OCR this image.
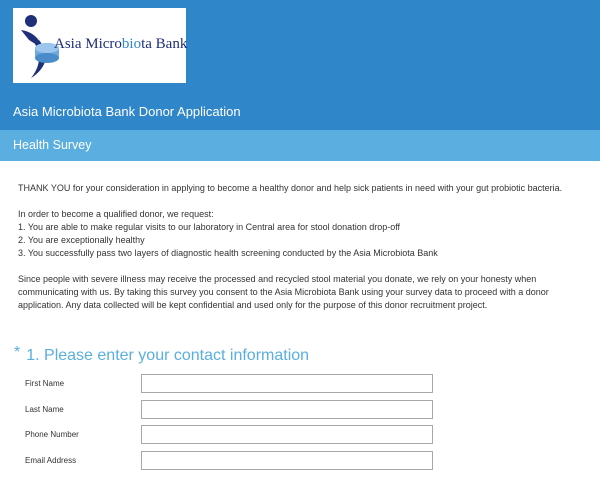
Asia Microbiota Bank
Asia Microbiota Bank Donor Application
Health Survey

THANK YOU for your consideration in applying to become a healthy donor and help sick patients in need with your gut probiotic bacteria.

In order to become a qualified donor, we request:

1. You are able to make regular visits to our laboratory in Central area for stool donation drop-off

2. You are exceptionally healthy

3. You successfully pass two layers of diagnostic health screening conducted by the Asia Microbiota Bank

Since people with severe illness may receive the processed and recycled stool material you donate, we rely on your honesty when communicating with us. By taking this survey you consent to the Asia Microbiota Bank using your survey data to proceed with a donor application. Any data collected will be kept confidential and used only for the purpose of this donor recruitment project.

* 1. Please enter your contact information
First Name
Last Name
Phone Number
Email Address
